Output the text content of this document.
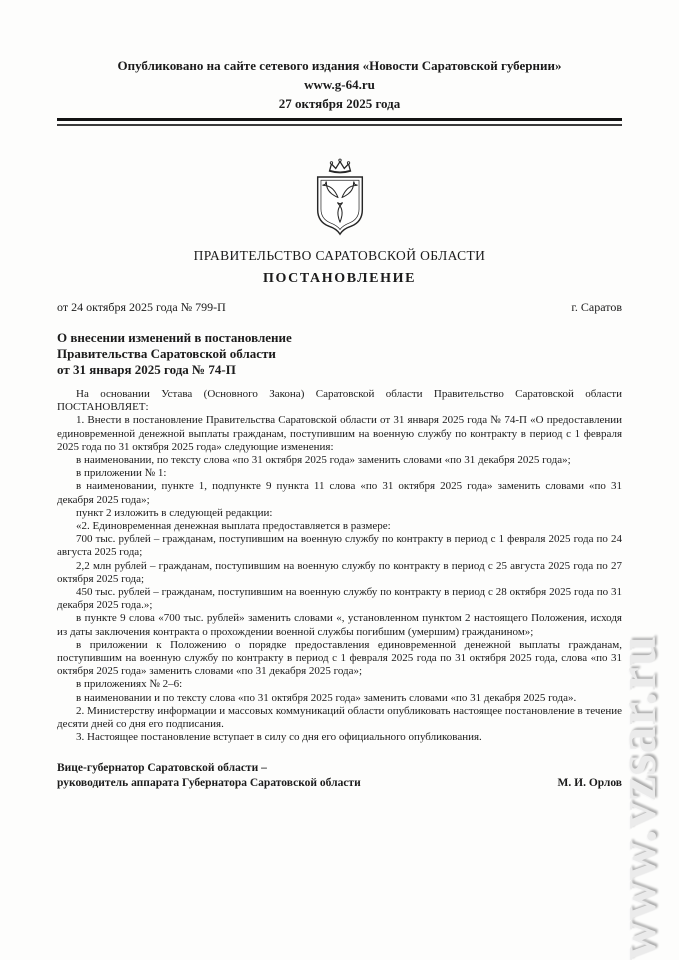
Опубликовано на сайте сетевого издания «Новости Саратовской губернии»
www.g-64.ru
27 октября 2025 года
ПРАВИТЕЛЬСТВО САРАТОВСКОЙ ОБЛАСТИ
ПОСТАНОВЛЕНИЕ
от 24 октября 2025 года № 799-П	г. Саратов
О внесении изменений в постановление
Правительства Саратовской области
от 31 января 2025 года № 74-П

На основании Устава (Основного Закона) Саратовской области Правительство Саратовской области ПОСТАНОВЛЯЕТ:

1. Внести в постановление Правительства Саратовской области от 31 января 2025 года № 74-П «О предоставлении единовременной денежной выплаты гражданам, поступившим на военную службу по контракту в период с 1 февраля 2025 года по 31 октября 2025 года» следующие изменения:

в наименовании, по тексту слова «по 31 октября 2025 года» заменить словами «по 31 декабря 2025 года»;

в приложении № 1:

в наименовании, пункте 1, подпункте 9 пункта 11 слова «по 31 октября 2025 года» заменить словами «по 31 декабря 2025 года»;

пункт 2 изложить в следующей редакции:

«2. Единовременная денежная выплата предоставляется в размере:

700 тыс. рублей – гражданам, поступившим на военную службу по контракту в период с 1 февраля 2025 года по 24 августа 2025 года;

2,2 млн рублей – гражданам, поступившим на военную службу по контракту в период с 25 августа 2025 года по 27 октября 2025 года;

450 тыс. рублей – гражданам, поступившим на военную службу по контракту в период с 28 октября 2025 года по 31 декабря 2025 года.»;

в пункте 9 слова «700 тыс. рублей» заменить словами «, установленном пунктом 2 настоящего Положения, исходя из даты заключения контракта о прохождении военной службы погибшим (умершим) гражданином»;

в приложении к Положению о порядке предоставления единовременной денежной выплаты гражданам, поступившим на военную службу по контракту в период с 1 февраля 2025 года по 31 октября 2025 года, слова «по 31 октября 2025 года» заменить словами «по 31 декабря 2025 года»;

в приложениях № 2–6:

в наименовании и по тексту слова «по 31 октября 2025 года» заменить словами «по 31 декабря 2025 года».

2. Министерству информации и массовых коммуникаций области опубликовать настоящее постановление в течение десяти дней со дня его подписания.

3. Настоящее постановление вступает в силу со дня его официального опубликования.

Вице-губернатор Саратовской области –
руководитель аппарата Губернатора Саратовской области	М. И. Орлов
www.vzsar.ru
